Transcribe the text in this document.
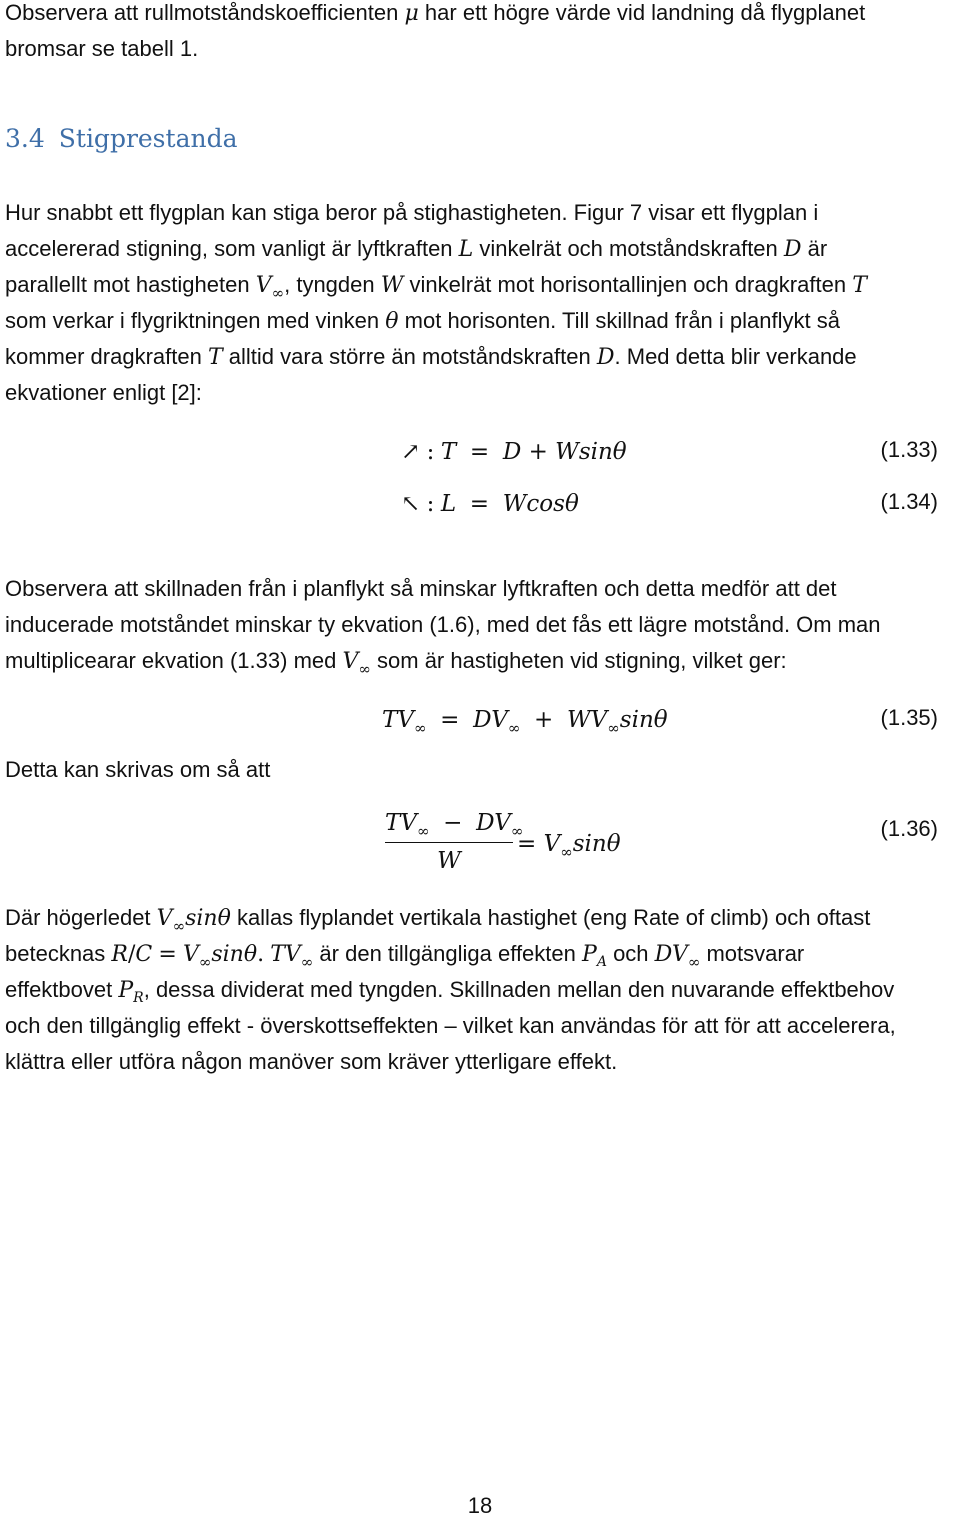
Observera att rullmotståndskoefficienten μ har ett högre värde vid landning då flygplanet
bromsar se tabell 1.
3.4 Stigprestanda
Hur snabbt ett flygplan kan stiga beror på stighastigheten. Figur 7 visar ett flygplan i
accelererad stigning, som vanligt är lyftkraften L vinkelrät och motståndskraften D är
parallellt mot hastigheten $V_\infty$, tyngden W vinkelrät mot horisontallinjen och dragkraften T
som verkar i flygriktningen med vinken θ mot horisonten. Till skillnad från i planflykt så
kommer dragkraften T alltid vara större än motståndskraften D. Med detta blir verkande
ekvationer enligt [2]:
↗ : T  =  D + Wsinθ	(1.33)
↖ : L  =  Wcosθ	(1.34)
Observera att skillnaden från i planflykt så minskar lyftkraften och detta medför att det
inducerade motståndet minskar ty ekvation (1.6), med det fås ett lägre motstånd. Om man
multiplicearar ekvation (1.33) med $V_\infty$ som är hastigheten vid stigning, vilket ger:
$TV_\infty = DV_\infty + WV_\infty\sin\theta$	(1.35)
Detta kan skrivas om så att
$TV_\infty - DV_\infty$
W
= $V_\infty\sin\theta$
(1.36)
Där högerledet $V_\infty\sin\theta$ kallas flyplandet vertikala hastighet (eng Rate of climb) och oftast
betecknas $R/C = V_\infty\sin\theta$. $TV_\infty$ är den tillgängliga effekten $P_A$ och $DV_\infty$ motsvarar
effektbovet $P_R$, dessa dividerat med tyngden. Skillnaden mellan den nuvarande effektbehov
och den tillgänglig effekt - överskottseffekten – vilket kan användas för att för att accelerera,
klättra eller utföra någon manöver som kräver ytterligare effekt.
18
